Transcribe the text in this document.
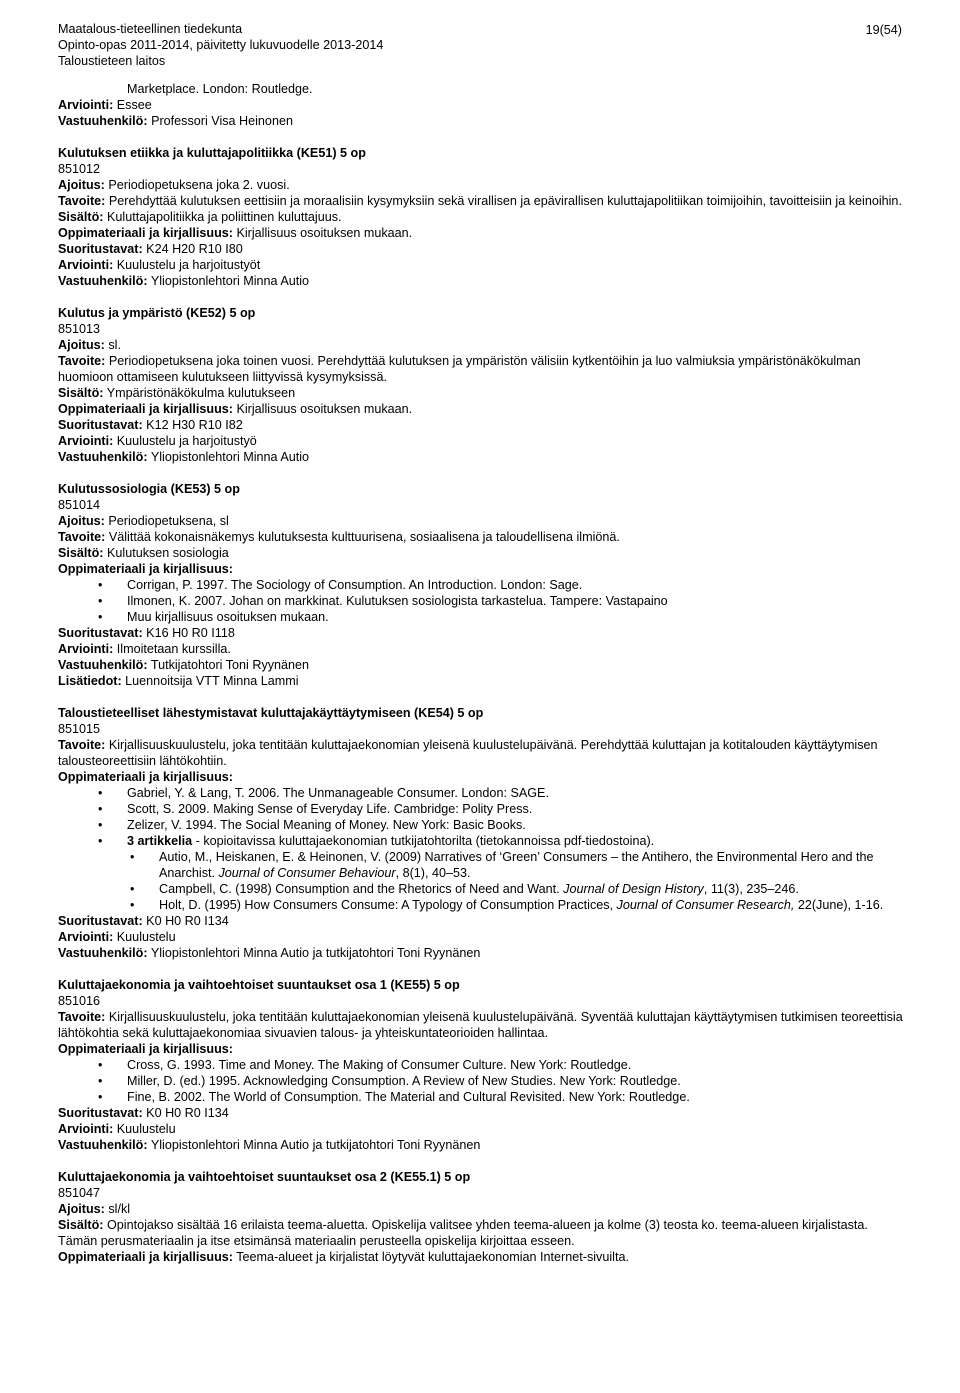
Maatalous-tieteellinen tiedekunta
Opinto-opas 2011-2014, päivitetty lukuvuodelle 2013-2014
Taloustieteen laitos
19(54)

Marketplace. London: Routledge.

Arviointi: Essee

Vastuuhenkilö: Professori Visa Heinonen

Kulutuksen etiikka ja kuluttajapolitiikka (KE51) 5 op

851012

Ajoitus: Periodiopetuksena joka 2. vuosi.

Tavoite: Perehdyttää kulutuksen eettisiin ja moraalisiin kysymyksiin sekä virallisen ja epävirallisen kuluttajapolitiikan toimijoihin, tavoitteisiin ja keinoihin.

Sisältö: Kuluttajapolitiikka ja poliittinen kuluttajuus.

Oppimateriaali ja kirjallisuus: Kirjallisuus osoituksen mukaan.

Suoritustavat: K24 H20 R10 I80

Arviointi: Kuulustelu ja harjoitustyöt

Vastuuhenkilö: Yliopistonlehtori Minna Autio

Kulutus ja ympäristö (KE52) 5 op

851013

Ajoitus: sl.

Tavoite: Periodiopetuksena joka toinen vuosi. Perehdyttää kulutuksen ja ympäristön välisiin kytkentöihin ja luo valmiuksia ympäristönäkökulman huomioon ottamiseen kulutukseen liittyvissä kysymyksissä.

Sisältö: Ympäristönäkökulma kulutukseen

Oppimateriaali ja kirjallisuus: Kirjallisuus osoituksen mukaan.

Suoritustavat: K12 H30 R10 I82

Arviointi: Kuulustelu ja harjoitustyö

Vastuuhenkilö: Yliopistonlehtori Minna Autio

Kulutussosiologia (KE53) 5 op

851014

Ajoitus: Periodiopetuksena, sl

Tavoite: Välittää kokonaisnäkemys kulutuksesta kulttuurisena, sosiaalisena ja taloudellisena ilmiönä.

Sisältö: Kulutuksen sosiologia

Oppimateriaali ja kirjallisuus:

• Corrigan, P. 1997. The Sociology of Consumption. An Introduction. London: Sage.
• Ilmonen, K. 2007. Johan on markkinat. Kulutuksen sosiologista tarkastelua. Tampere: Vastapaino
• Muu kirjallisuus osoituksen mukaan.

Suoritustavat: K16 H0 R0 I118

Arviointi: Ilmoitetaan kurssilla.

Vastuuhenkilö: Tutkijatohtori Toni Ryynänen

Lisätiedot: Luennoitsija VTT Minna Lammi

Taloustieteelliset lähestymistavat kuluttajakäyttäytymiseen (KE54) 5 op

851015

Tavoite: Kirjallisuuskuulustelu, joka tentitään kuluttajaekonomian yleisenä kuulustelupäivänä. Perehdyttää kuluttajan ja kotitalouden käyttäytymisen talousteoreettisiin lähtökohtiin.

Oppimateriaali ja kirjallisuus:

• Gabriel, Y. & Lang, T. 2006. The Unmanageable Consumer. London: SAGE.
• Scott, S. 2009. Making Sense of Everyday Life. Cambridge: Polity Press.
• Zelizer, V. 1994. The Social Meaning of Money. New York: Basic Books.
• 3 artikkelia - kopioitavissa kuluttajaekonomian tutkijatohtorilta (tietokannoissa pdf-tiedostoina).
• Autio, M., Heiskanen, E. & Heinonen, V. (2009) Narratives of ‘Green’ Consumers – the Antihero, the Environmental Hero and the Anarchist. Journal of Consumer Behaviour, 8(1), 40–53.
• Campbell, C. (1998) Consumption and the Rhetorics of Need and Want. Journal of Design History, 11(3), 235–246.
• Holt, D. (1995) How Consumers Consume: A Typology of Consumption Practices, Journal of Consumer Research, 22(June), 1-16.

Suoritustavat: K0 H0 R0 I134

Arviointi: Kuulustelu

Vastuuhenkilö: Yliopistonlehtori Minna Autio ja tutkijatohtori Toni Ryynänen

Kuluttajaekonomia ja vaihtoehtoiset suuntaukset osa 1 (KE55) 5 op

851016

Tavoite: Kirjallisuuskuulustelu, joka tentitään kuluttajaekonomian yleisenä kuulustelupäivänä. Syventää kuluttajan käyttäytymisen tutkimisen teoreettisia lähtökohtia sekä kuluttajaekonomiaa sivuavien talous- ja yhteiskuntateorioiden hallintaa.

Oppimateriaali ja kirjallisuus:

• Cross, G. 1993. Time and Money. The Making of Consumer Culture. New York: Routledge.
• Miller, D. (ed.) 1995. Acknowledging Consumption. A Review of New Studies. New York: Routledge.
• Fine, B. 2002. The World of Consumption. The Material and Cultural Revisited. New York: Routledge.

Suoritustavat: K0 H0 R0 I134

Arviointi: Kuulustelu

Vastuuhenkilö: Yliopistonlehtori Minna Autio ja tutkijatohtori Toni Ryynänen

Kuluttajaekonomia ja vaihtoehtoiset suuntaukset osa 2 (KE55.1) 5 op

851047

Ajoitus: sl/kl

Sisältö: Opintojakso sisältää 16 erilaista teema-aluetta. Opiskelija valitsee yhden teema-alueen ja kolme (3) teosta ko. teema-alueen kirjalistasta. Tämän perusmateriaalin ja itse etsimänsä materiaalin perusteella opiskelija kirjoittaa esseen.

Oppimateriaali ja kirjallisuus: Teema-alueet ja kirjalistat löytyvät kuluttajaekonomian Internet-sivuilta.
